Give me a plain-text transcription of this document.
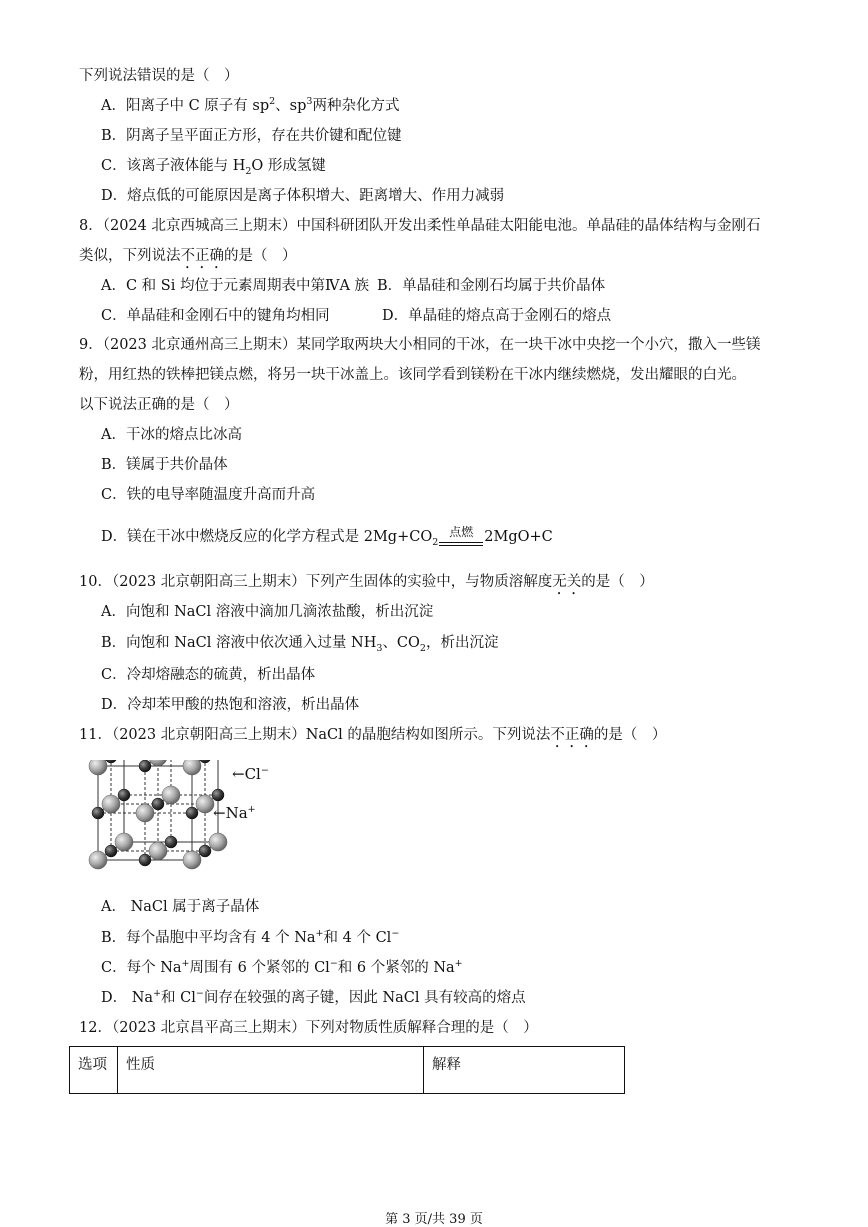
下列说法错误的是（　）
A．阳离子中 C 原子有 $sp^2$、$sp^3$两种杂化方式
B．阴离子呈平面正方形，存在共价键和配位键
C．该离子液体能与 $H_2O$ 形成氢键
D．熔点低的可能原因是离子体积增大、距离增大、作用力减弱
8．（2024 北京西城高三上期末）中国科研团队开发出柔性单晶硅太阳能电池。单晶硅的晶体结构与金刚石
类似，下列说法不正确的是（　）
A．C 和 Si 均位于元素周期表中第ⅣA 族 B．单晶硅和金刚石均属于共价晶体
C．单晶硅和金刚石中的键角均相同	D．单晶硅的熔点高于金刚石的熔点
9．（2023 北京通州高三上期末）某同学取两块大小相同的干冰，在一块干冰中央挖一个小穴，撒入一些镁
粉，用红热的铁棒把镁点燃，将另一块干冰盖上。该同学看到镁粉在干冰内继续燃烧，发出耀眼的白光。
以下说法正确的是（　）
A．干冰的熔点比冰高
B．镁属于共价晶体
C．铁的电导率随温度升高而升高
D．镁在干冰中燃烧反应的化学方程式是 $2Mg+CO_2$
点燃 2MgO+C
10．（2023 北京朝阳高三上期末）下列产生固体的实验中，与物质溶解度无关的是（　）
A．向饱和 NaCl 溶液中滴加几滴浓盐酸，析出沉淀
B．向饱和 NaCl 溶液中依次通入过量 $NH_3$、$CO_2$，析出沉淀
C．冷却熔融态的硫黄，析出晶体
D．冷却苯甲酸的热饱和溶液，析出晶体
11．（2023 北京朝阳高三上期末）NaCl 的晶胞结构如图所示。下列说法不正确的是（　）
←Cl−
←Na+
A． NaCl 属于离子晶体
B．每个晶胞中平均含有 4 个 Na+和 4 个 Cl−
C．每个 Na+周围有 6 个紧邻的 Cl−和 6 个紧邻的 Na+
D． Na+和 Cl−间存在较强的离子键，因此 NaCl 具有较高的熔点
12．（2023 北京昌平高三上期末）下列对物质性质解释合理的是（　）
选项	性质	解释
第 3 页/共 39 页
